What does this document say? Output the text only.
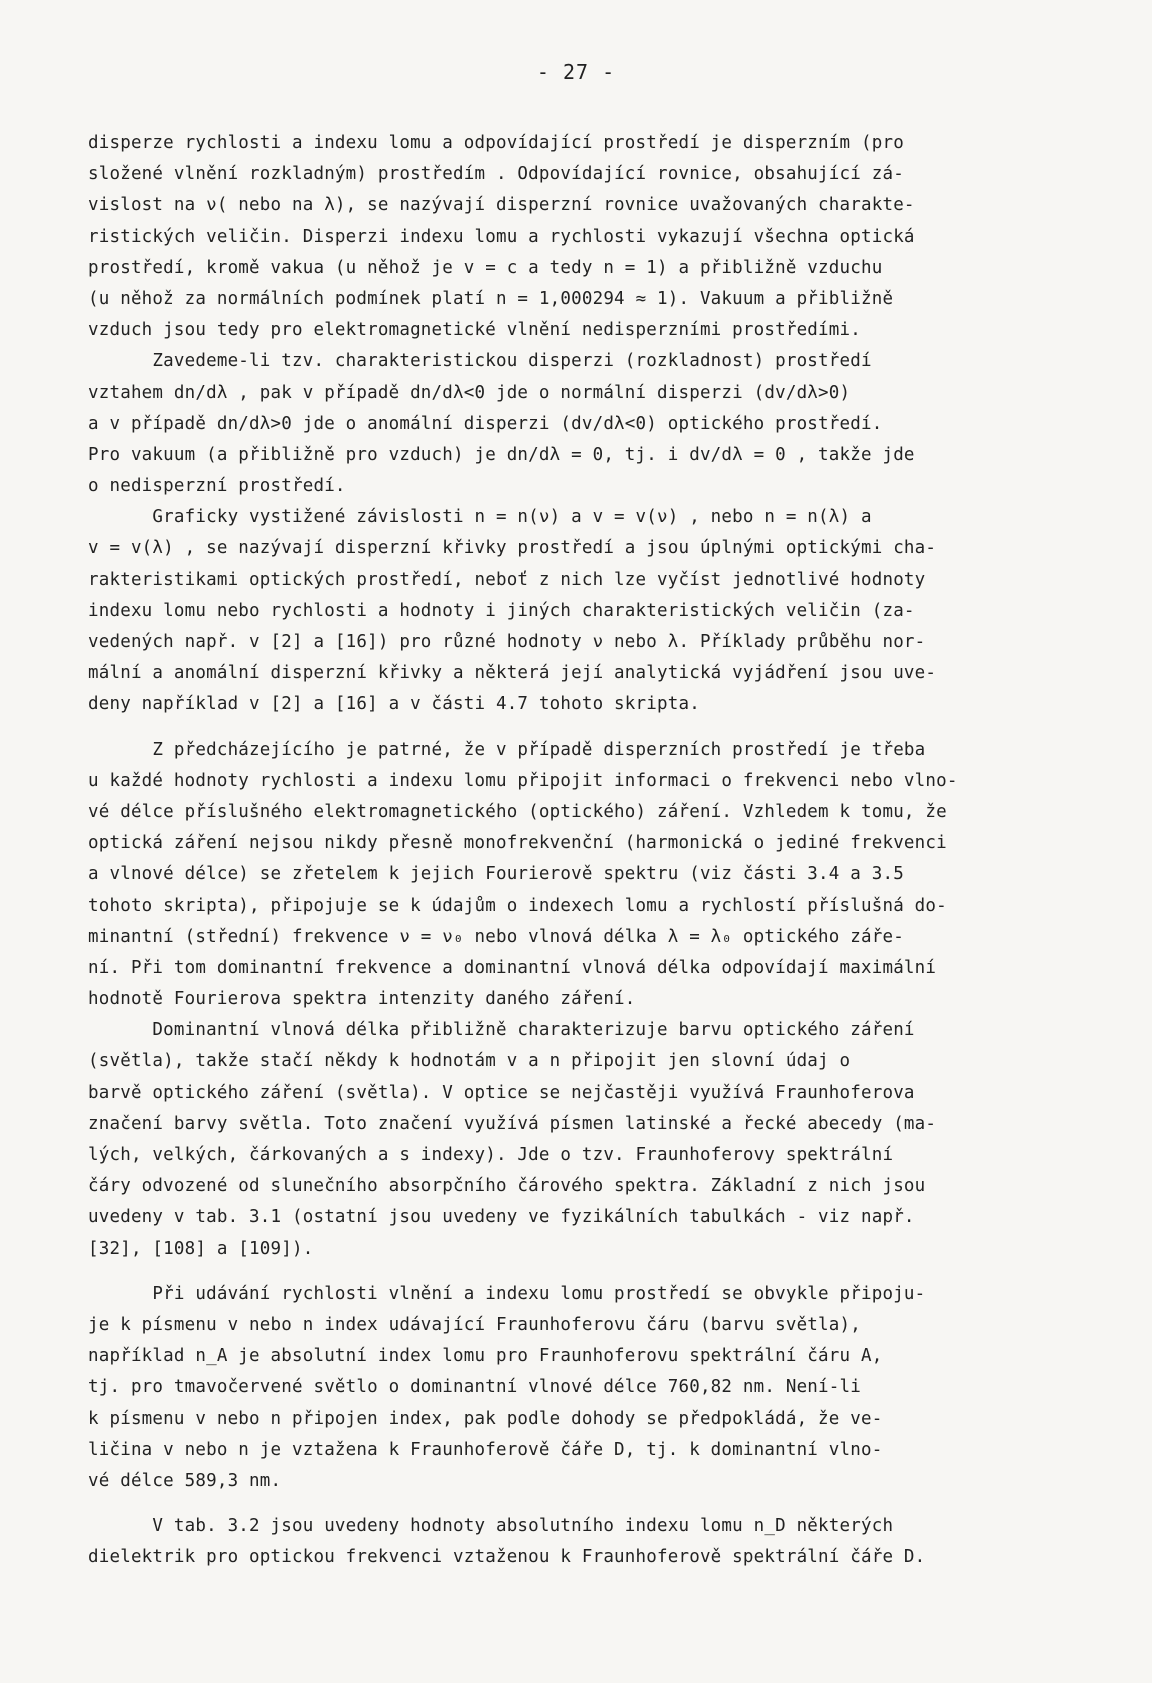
- 27 -
disperze rychlosti a indexu lomu a odpovídající prostředí je disperzním (pro
složené vlnění rozkladným) prostředím . Odpovídající rovnice, obsahující zá-
vislost na ν( nebo na λ), se nazývají disperzní rovnice uvažovaných charakte-
ristických veličin. Disperzi indexu lomu a rychlosti vykazují všechna optická
prostředí, kromě vakua (u něhož je v = c a tedy n = 1) a přibližně vzduchu
(u něhož za normálních podmínek platí n = 1,000294 ≈ 1). Vakuum a přibližně
vzduch jsou tedy pro elektromagnetické vlnění nedisperzními prostředími.
Zavedeme-li tzv. charakteristickou disperzi (rozkladnost) prostředí
vztahem dn/dλ , pak v případě dn/dλ<0 jde o normální disperzi (dv/dλ>0)
a v případě dn/dλ>0 jde o anomální disperzi (dv/dλ<0) optického prostředí.
Pro vakuum (a přibližně pro vzduch) je dn/dλ = 0, tj. i dv/dλ = 0 , takže jde
o nedisperzní prostředí.
Graficky vystižené závislosti n = n(ν) a v = v(ν) , nebo n = n(λ) a
v = v(λ) , se nazývají disperzní křivky prostředí a jsou úplnými optickými cha-
rakteristikami optických prostředí, neboť z nich lze vyčíst jednotlivé hodnoty
indexu lomu nebo rychlosti a hodnoty i jiných charakteristických veličin (za-
vedených např. v [2] a [16]) pro různé hodnoty ν nebo λ. Příklady průběhu nor-
mální a anomální disperzní křivky a některá její analytická vyjádření jsou uve-
deny například v [2] a [16] a v části 4.7 tohoto skripta.
Z předcházejícího je patrné, že v případě disperzních prostředí je třeba
u každé hodnoty rychlosti a indexu lomu připojit informaci o frekvenci nebo vlno-
vé délce příslušného elektromagnetického (optického) záření. Vzhledem k tomu, že
optická záření nejsou nikdy přesně monofrekvenční (harmonická o jediné frekvenci
a vlnové délce) se zřetelem k jejich Fourierově spektru (viz části 3.4 a 3.5
tohoto skripta), připojuje se k údajům o indexech lomu a rychlostí příslušná do-
minantní (střední) frekvence ν = ν₀ nebo vlnová délka λ = λ₀ optického záře-
ní. Při tom dominantní frekvence a dominantní vlnová délka odpovídají maximální
hodnotě Fourierova spektra intenzity daného záření.
Dominantní vlnová délka přibližně charakterizuje barvu optického záření
(světla), takže stačí někdy k hodnotám v a n připojit jen slovní údaj o
barvě optického záření (světla). V optice se nejčastěji využívá Fraunhoferova
značení barvy světla. Toto značení využívá písmen latinské a řecké abecedy (ma-
lých, velkých, čárkovaných a s indexy). Jde o tzv. Fraunhoferovy spektrální
čáry odvozené od slunečního absorpčního čárového spektra. Základní z nich jsou
uvedeny v tab. 3.1 (ostatní jsou uvedeny ve fyzikálních tabulkách - viz např.
[32], [108] a [109]).
Při udávání rychlosti vlnění a indexu lomu prostředí se obvykle připoju-
je k písmenu v nebo n index udávající Fraunhoferovu čáru (barvu světla),
například n_A je absolutní index lomu pro Fraunhoferovu spektrální čáru A,
tj. pro tmavočervené světlo o dominantní vlnové délce 760,82 nm. Není-li
k písmenu v nebo n připojen index, pak podle dohody se předpokládá, že ve-
ličina v nebo n je vztažena k Fraunhoferově čáře D, tj. k dominantní vlno-
vé délce 589,3 nm.
V tab. 3.2 jsou uvedeny hodnoty absolutního indexu lomu n_D některých
dielektrik pro optickou frekvenci vztaženou k Fraunhoferově spektrální čáře D.
